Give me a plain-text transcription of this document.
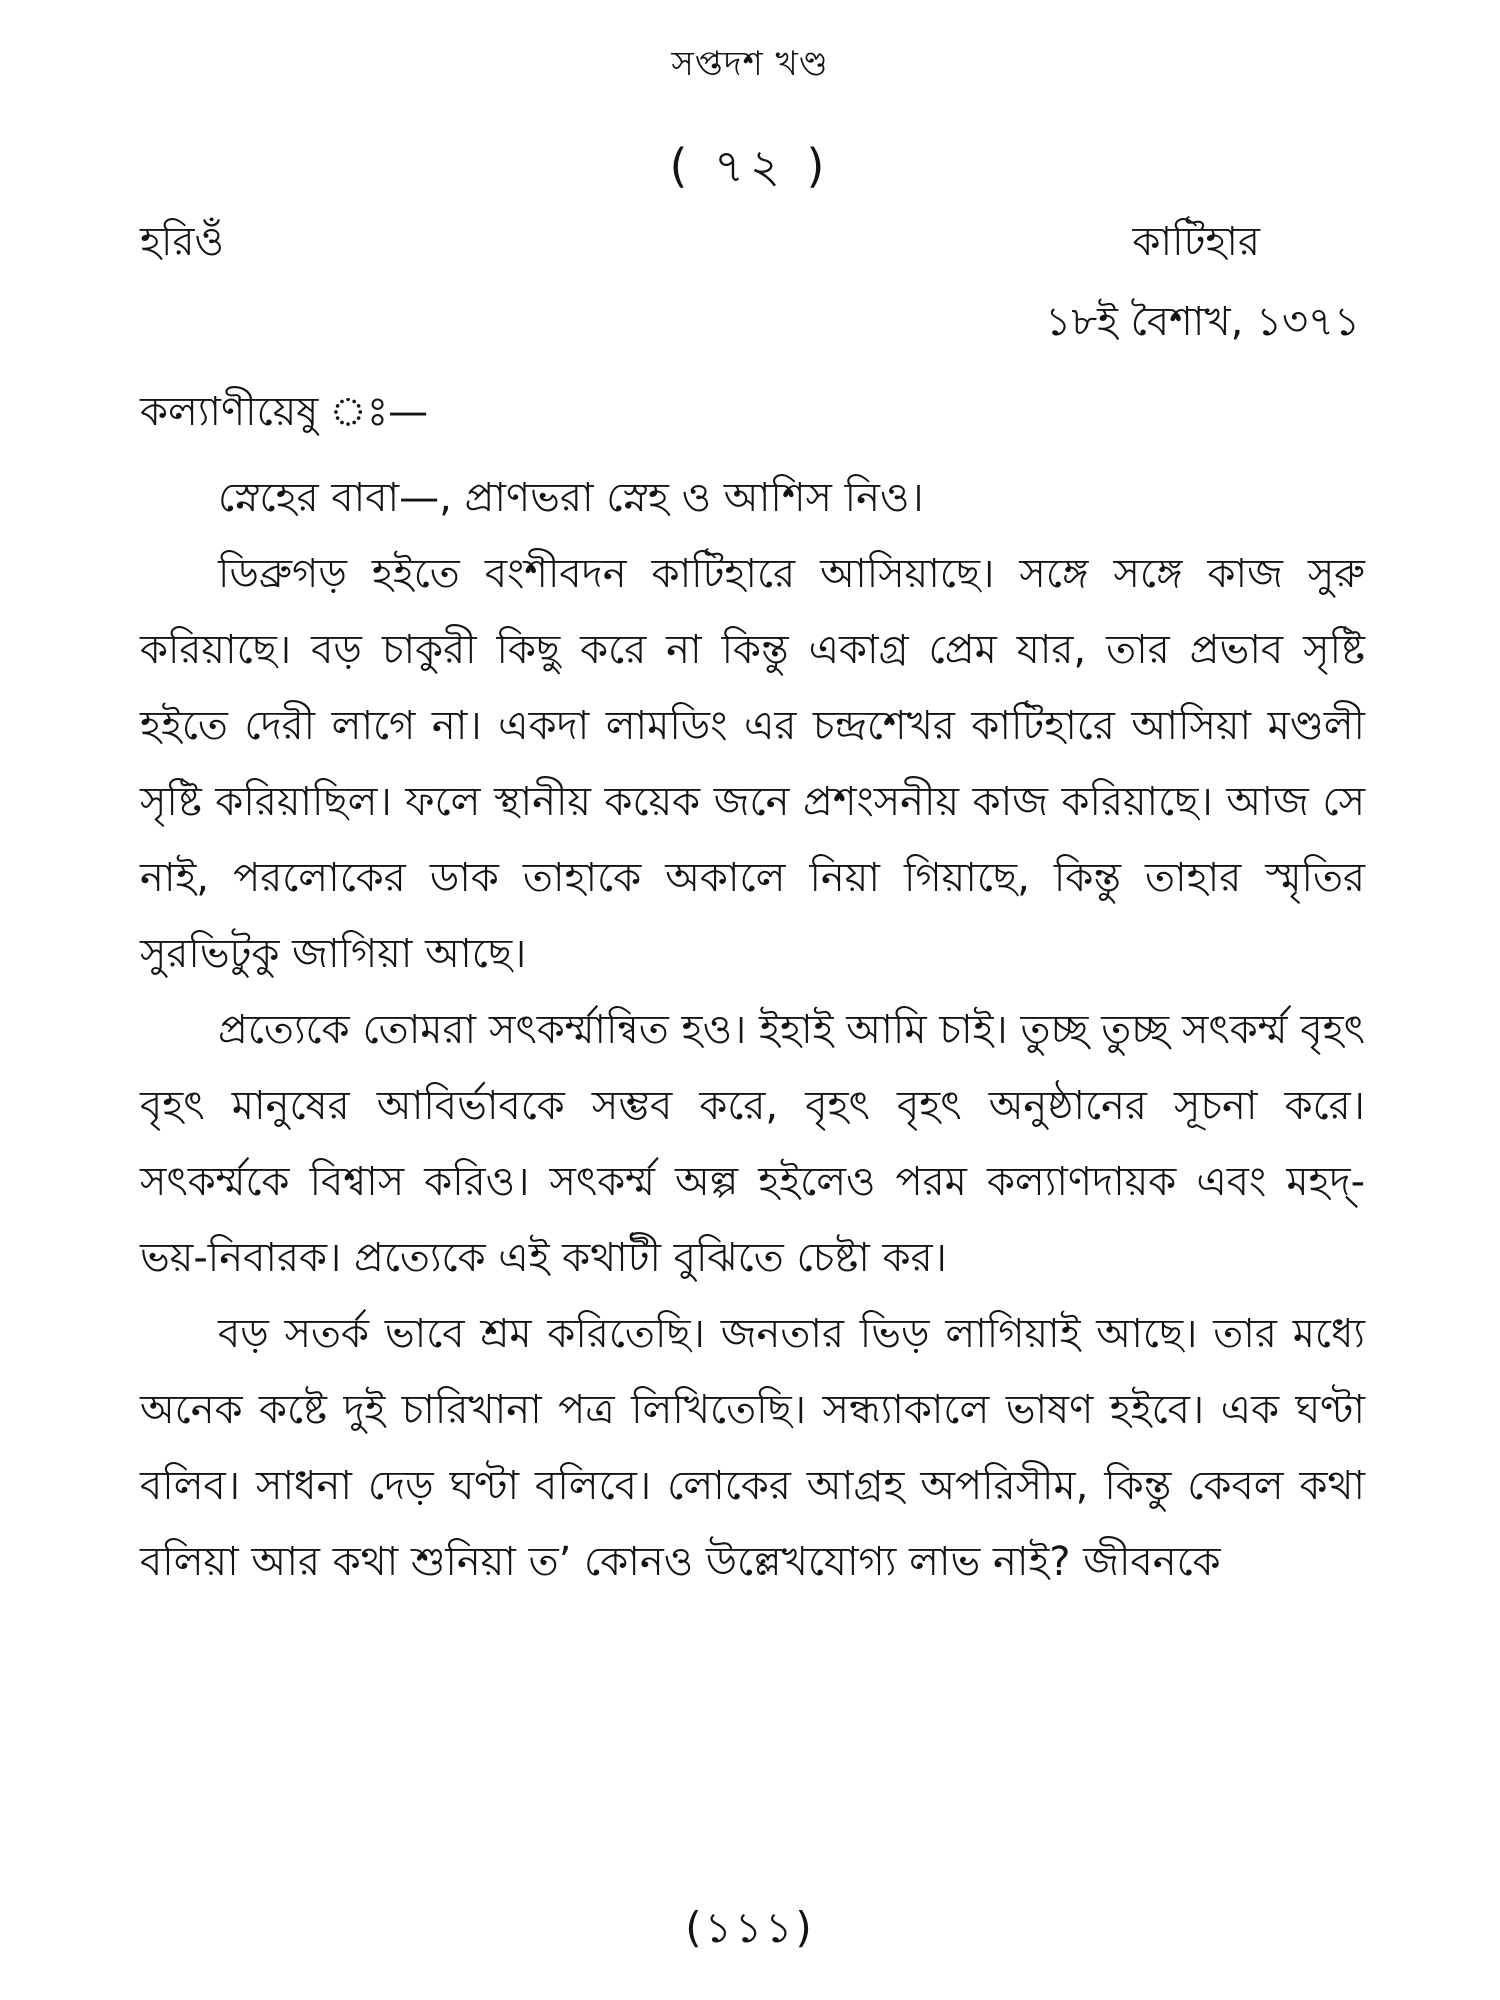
সপ্তদশ খণ্ড
( ৭২ )
হরিওঁ	কাটিহার
১৮ই বৈশাখ, ১৩৭১
কল্যাণীয়েষু ঃ—

স্নেহের বাবা—, প্রাণভরা স্নেহ ও আশিস নিও।

ডিব্রুগড় হইতে বংশীবদন কাটিহারে আসিয়াছে। সঙ্গে সঙ্গে কাজ সুরু করিয়াছে। বড় চাকুরী কিছু করে না কিন্তু একাগ্র প্রেম যার, তার প্রভাব সৃষ্টি হইতে দেরী লাগে না। একদা লামডিং এর চন্দ্রশেখর কাটিহারে আসিয়া মণ্ডলী সৃষ্টি করিয়াছিল। ফলে স্থানীয় কয়েক জনে প্রশংসনীয় কাজ করিয়াছে। আজ সে নাই, পরলোকের ডাক তাহাকে অকালে নিয়া গিয়াছে, কিন্তু তাহার স্মৃতির সুরভিটুকু জাগিয়া আছে।

প্রত্যেকে তোমরা সৎকর্ম্মান্বিত হও। ইহাই আমি চাই। তুচ্ছ তুচ্ছ সৎকর্ম্ম বৃহৎ বৃহৎ মানুষের আবির্ভাবকে সম্ভব করে, বৃহৎ বৃহৎ অনুষ্ঠানের সূচনা করে। সৎকর্ম্মকে বিশ্বাস করিও। সৎকর্ম্ম অল্প হইলেও পরম কল্যাণদায়ক এবং মহদ্-ভয়-নিবারক। প্রত্যেকে এই কথাটী বুঝিতে চেষ্টা কর।

বড় সতর্ক ভাবে শ্রম করিতেছি। জনতার ভিড় লাগিয়াই আছে। তার মধ্যে অনেক কষ্টে দুই চারিখানা পত্র লিখিতেছি। সন্ধ্যাকালে ভাষণ হইবে। এক ঘণ্টা বলিব। সাধনা দেড় ঘণ্টা বলিবে। লোকের আগ্রহ অপরিসীম, কিন্তু কেবল কথা বলিয়া আর কথা শুনিয়া ত’ কোনও উল্লেখযোগ্য লাভ নাই? জীবনকে

(১১১)
